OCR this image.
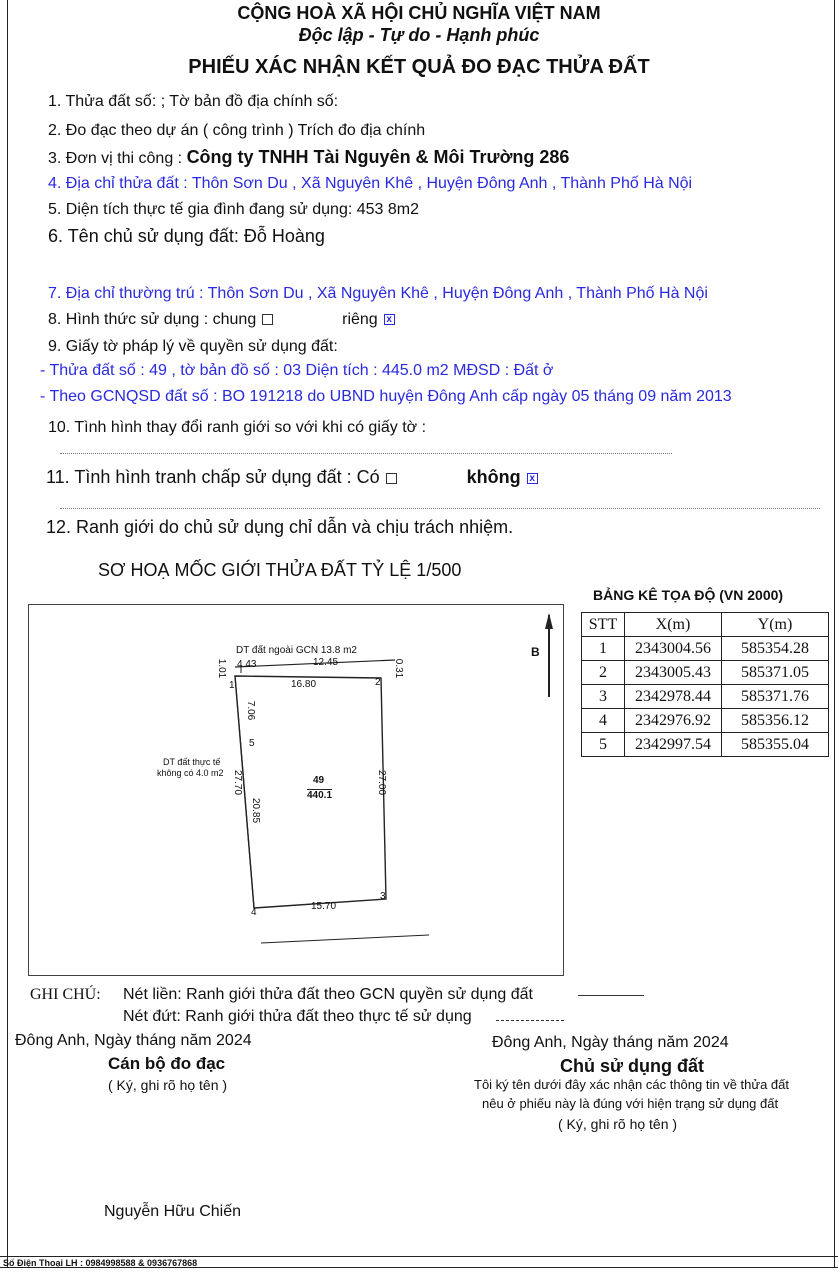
CỘNG HOÀ XÃ HỘI CHỦ NGHĨA VIỆT NAM
Độc lập - Tự do - Hạnh phúc
PHIẾU XÁC NHẬN KẾT QUẢ ĐO ĐẠC THỬA ĐẤT
1. Thửa đất số: ; Tờ bản đồ địa chính số:
2. Đo đạc theo dự án ( công trình ) Trích đo địa chính
3. Đơn vị thi công : Công ty TNHH Tài Nguyên & Môi Trường 286
4. Địa chỉ thửa đất : Thôn Sơn Du , Xã Nguyên Khê , Huyện Đông Anh , Thành Phố Hà Nội
5. Diện tích thực tế gia đình đang sử dụng: 453 8m2
6. Tên chủ sử dụng đất: Đỗ Hoàng
7. Địa chỉ thường trú : Thôn Sơn Du , Xã Nguyên Khê , Huyện Đông Anh , Thành Phố Hà Nội
8. Hình thức sử dụng : chung	riêng x
9. Giấy tờ pháp lý về quyền sử dụng đất:
- Thửa đất số : 49 , tờ bản đồ số : 03 Diện tích : 445.0 m2 MĐSD : Đất ở
- Theo GCNQSD đất số : BO 191218 do UBND huyện Đông Anh cấp ngày 05 tháng 09 năm 2013
10. Tình hình thay đổi ranh giới so với khi có giấy tờ :
11. Tình hình tranh chấp sử dụng đất : Có	không x
12. Ranh giới do chủ sử dụng chỉ dẫn và chịu trách nhiệm.
SƠ HOẠ MỐC GIỚI THỬA ĐẤT TỶ LỆ 1/500
BẢNG KÊ TỌA ĐỘ (VN 2000)
DT đất ngoài GCN 13.8 m2
4.43	12.45
1.01	0.31
1	16.80	2
7.06
5
DT đất thực tế
không có 4.0 m2 27.70
20.85
27.00
49
440.1
3
15.70
4
B
STT	X(m)	Y(m)
1	2343004.56	585354.28
2	2343005.43	585371.05
3	2342978.44	585371.76
4	2342976.92	585356.12
5	2342997.54	585355.04
GHI CHÚ: Nét liền: Ranh giới thửa đất theo GCN quyền sử dụng đất
Nét đứt: Ranh giới thửa đất theo thực tế sử dụng
Đông Anh, Ngày tháng năm 2024
Cán bộ đo đạc
( Ký, ghi rõ họ tên )
Nguyễn Hữu Chiến
Đông Anh, Ngày tháng năm 2024
Chủ sử dụng đất
Tôi ký tên dưới đây xác nhận các thông tin về thửa đất
nêu ở phiếu này là đúng với hiện trạng sử dụng đất
( Ký, ghi rõ họ tên )
Số Điện Thoại LH : 0984998588 & 0936767868
